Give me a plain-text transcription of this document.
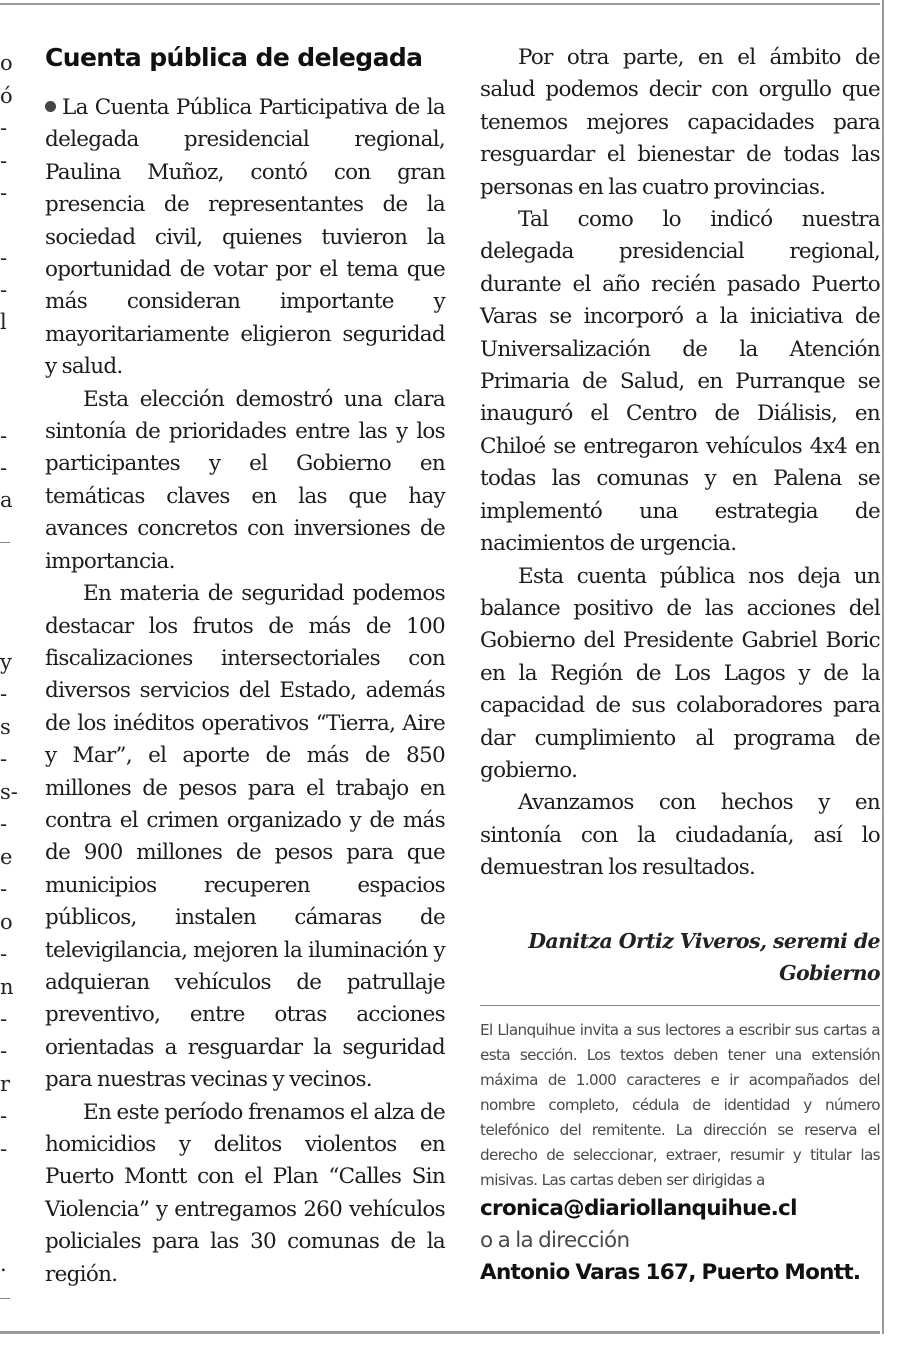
o
ó
-
-
-
-
-
l
-
-
a
y
-
s
-
s-
-
e
-
o
-
n
-
-
r
-
-
.
Cuenta pública de delegada

La Cuenta Pública Participativa de la delegada presidencial regional, Paulina Muñoz, contó con gran presencia de representantes de la sociedad civil, quienes tuvieron la oportunidad de votar por el tema que más consideran importante y mayoritariamente eligieron seguridad y salud.

Esta elección demostró una clara sintonía de prioridades entre las y los participantes y el Gobierno en temáticas claves en las que hay avances concretos con inversiones de importancia.

En materia de seguridad podemos destacar los frutos de más de 100 fiscalizaciones intersectoriales con diversos servicios del Estado, además de los inéditos operativos “Tierra, Aire y Mar”, el aporte de más de 850 millones de pesos para el trabajo en contra el crimen organizado y de más de 900 millones de pesos para que municipios recuperen espacios públicos, instalen cámaras de televigilancia, mejoren la iluminación y adquieran vehículos de patrullaje preventivo, entre otras acciones orientadas a resguardar la seguridad para nuestras vecinas y vecinos.

En este período frenamos el alza de homicidios y delitos violentos en Puerto Montt con el Plan “Calles Sin Violencia” y entregamos 260 vehículos policiales para las 30 comunas de la región.

Por otra parte, en el ámbito de salud podemos decir con orgullo que tenemos mejores capacidades para resguardar el bienestar de todas las personas en las cuatro provincias.

Tal como lo indicó nuestra delegada presidencial regional, durante el año recién pasado Puerto Varas se incorporó a la iniciativa de Universalización de la Atención Primaria de Salud, en Purranque se inauguró el Centro de Diálisis, en Chiloé se entregaron vehículos 4x4 en todas las comunas y en Palena se implementó una estrategia de nacimientos de urgencia.

Esta cuenta pública nos deja un balance positivo de las acciones del Gobierno del Presidente Gabriel Boric en la Región de Los Lagos y de la capacidad de sus colaboradores para dar cumplimiento al programa de gobierno.

Avanzamos con hechos y en sintonía con la ciudadanía, así lo demuestran los resultados.

Danitza Ortiz Viveros, seremi de Gobierno
El Llanquihue invita a sus lectores a escribir sus cartas a esta sección. Los textos deben tener una extensión máxima de 1.000 caracteres e ir acompañados del nombre completo, cédula de identidad y número telefónico del remitente. La dirección se reserva el derecho de seleccionar, extraer, resumir y titular las misivas. Las cartas deben ser dirigidas a

cronica@diariollanquihue.cl

o a la dirección

Antonio Varas 167, Puerto Montt.
